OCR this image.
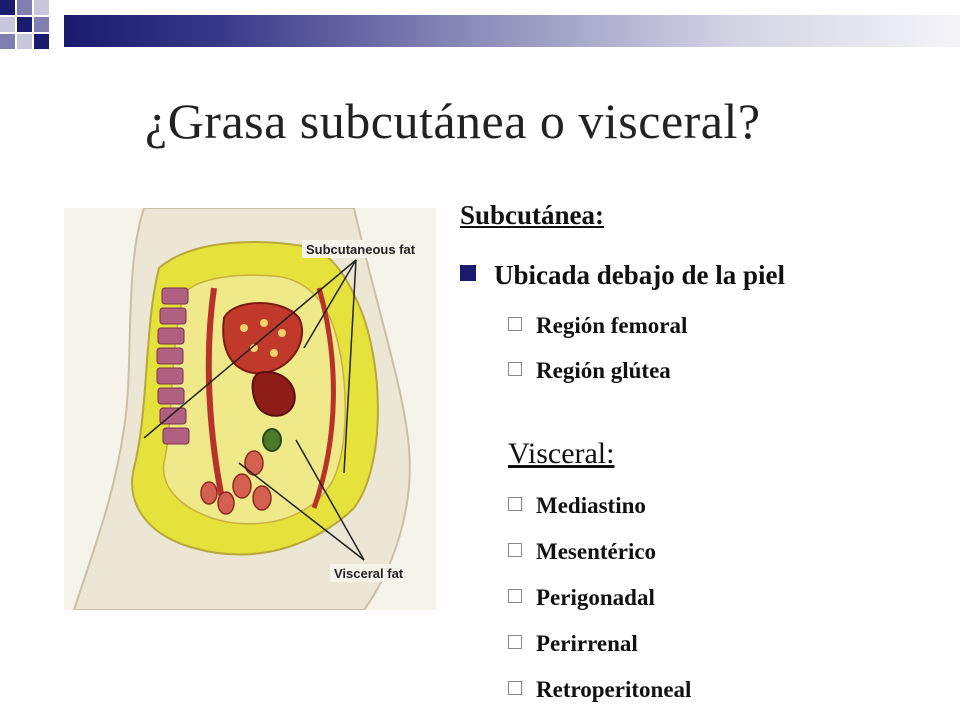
¿Grasa subcutánea o visceral?
Subcutaneous fat
Visceral fat
Subcutánea:
Ubicada debajo de la piel
Región femoral
Región glútea
Visceral:
Mediastino
Mesentérico
Perigonadal
Perirrenal
Retroperitoneal
